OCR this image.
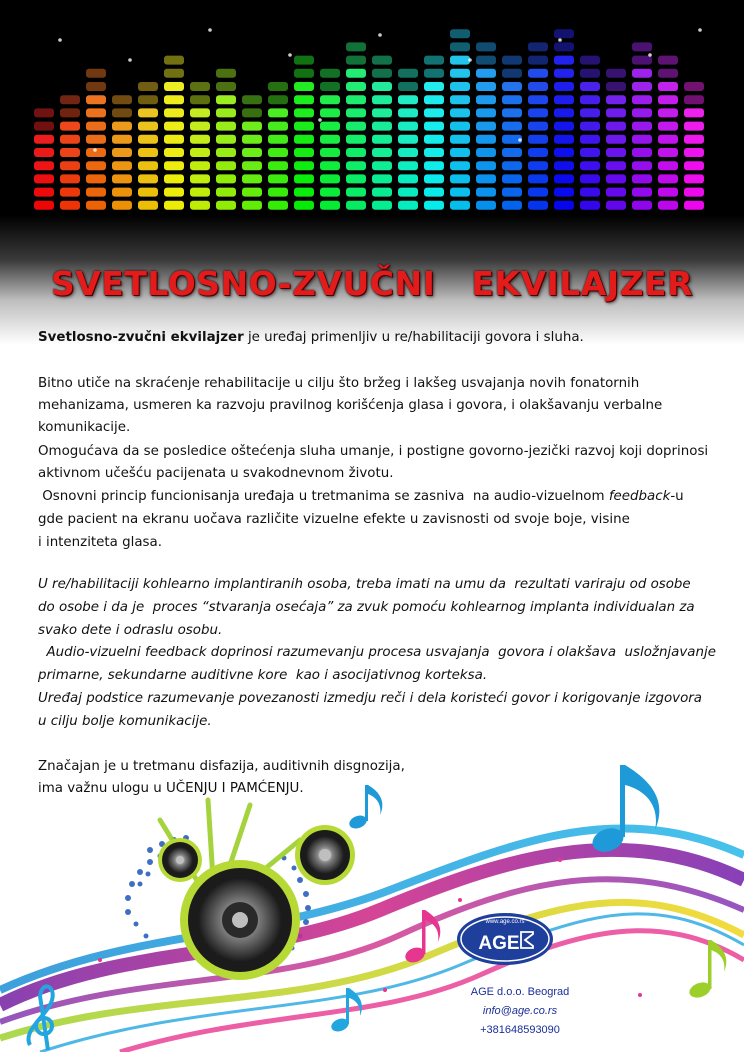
SVETLOSNO-ZVUČNI   EKVILAJZER

Svetlosno-zvučni ekvilajzer je uređaj primenljiv u re/habilitaciji govora i sluha.

Bitno utiče na skraćenje rehabilitacije u cilju što bržeg i lakšeg usvajanja novih fonatornih

mehanizama, usmeren ka razvoju pravilnog korišćenja glasa i govora, i olakšavanju verbalne

komunikacije.

Omogućava da se posledice oštećenja sluha umanje, i postigne govorno-jezički razvoj koji doprinosi

aktivnom učešću pacijenata u svakodnevnom životu.

Osnovni princip funcionisanja uređaja u tretmanima se zasniva  na audio-vizuelnom feedback-u

gde pacient na ekranu uočava različite vizuelne efekte u zavisnosti od svoje boje, visine

i intenziteta glasa.

U re/habilitaciji kohlearno implantiranih osoba, treba imati na umu da  rezultati variraju od osobe

do osobe i da je  proces “stvaranja osećaja” za zvuk pomoću kohlearnog implanta individualan za

svako dete i odraslu osobu.

Audio-vizuelni feedback doprinosi razumevanju procesa usvajanja  govora i olakšava  usložnjavanje

primarne, sekundarne auditivne kore  kao i asocijativnog korteksa.

Uređaj podstice razumevanje povezanosti izmedju reči i dela koristeći govor i korigovanje izgovora

u cilju bolje komunikacije.

Značajan je u tretmanu disfazija, auditivnih disgnozija,

ima važnu ulogu u UČENJU I PAMĆENJU.

www.age.co.rs
AGE
AGE d.o.o. Beograd
info@age.co.rs
+381648593090
